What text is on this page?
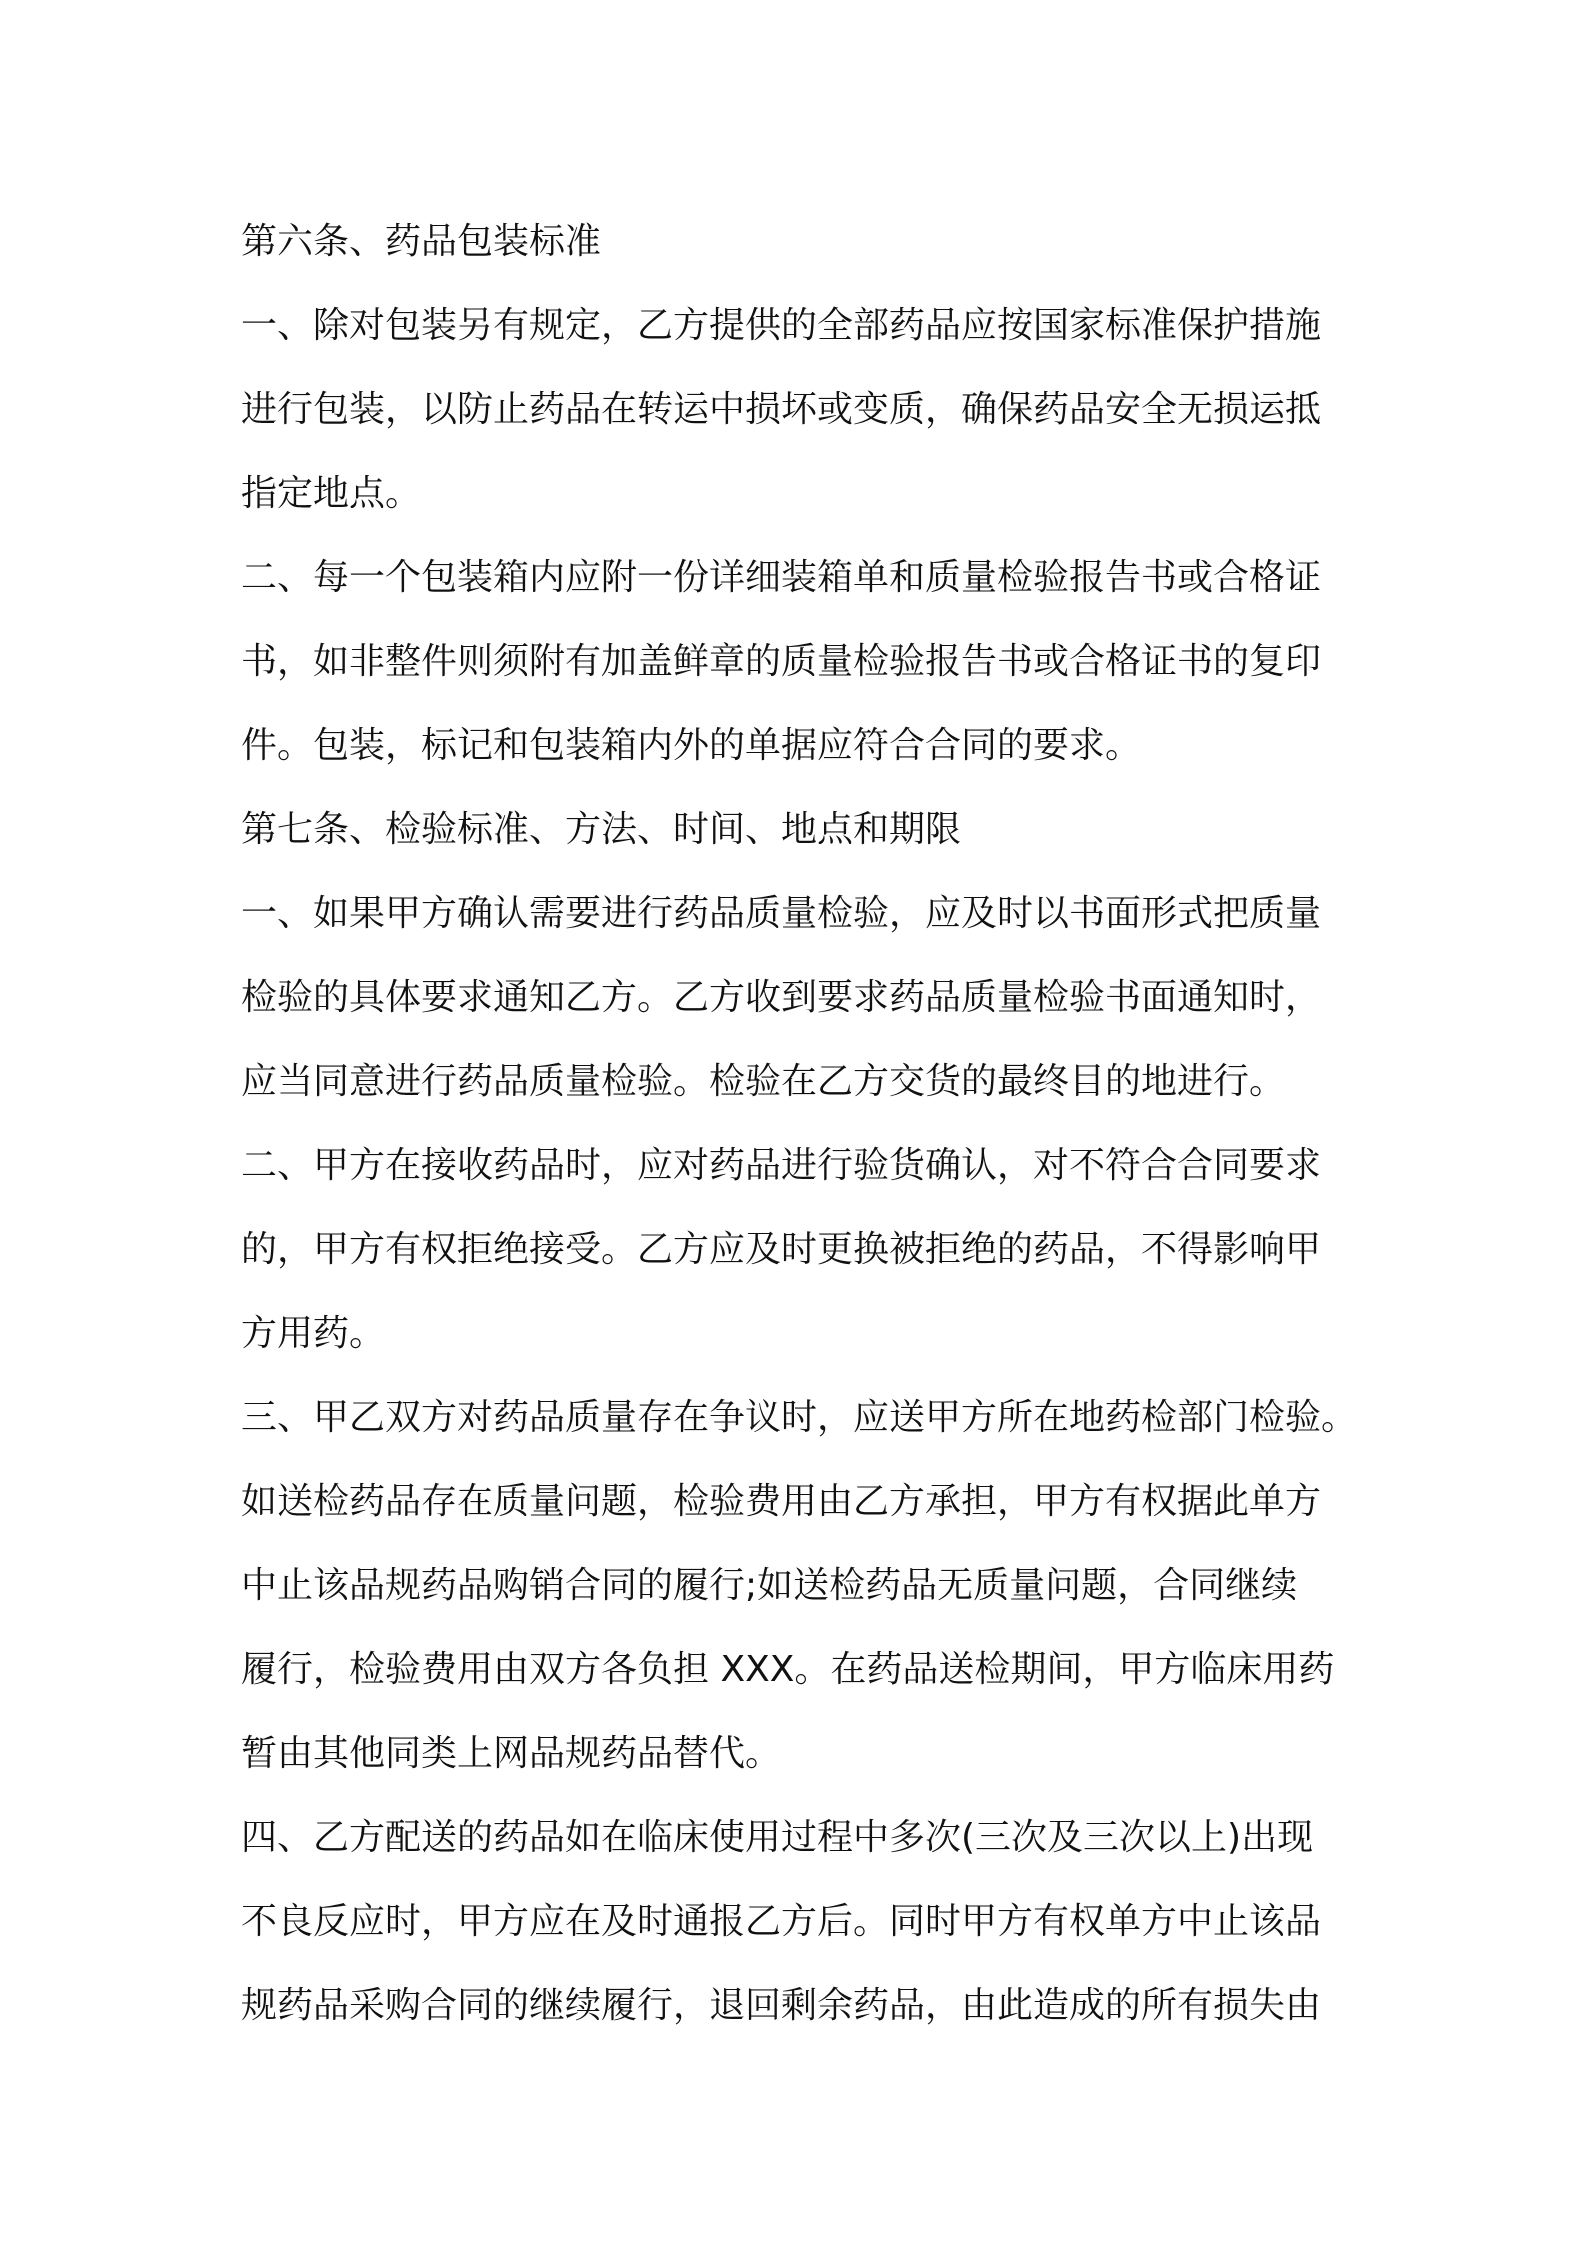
第六条、药品包装标准
一、除对包装另有规定，乙方提供的全部药品应按国家标准保护措施
进行包装，以防止药品在转运中损坏或变质，确保药品安全无损运抵
指定地点。
二、每一个包装箱内应附一份详细装箱单和质量检验报告书或合格证
书，如非整件则须附有加盖鲜章的质量检验报告书或合格证书的复印
件。包装，标记和包装箱内外的单据应符合合同的要求。
第七条、检验标准、方法、时间、地点和期限
一、如果甲方确认需要进行药品质量检验，应及时以书面形式把质量
检验的具体要求通知乙方。乙方收到要求药品质量检验书面通知时，
应当同意进行药品质量检验。检验在乙方交货的最终目的地进行。
二、甲方在接收药品时，应对药品进行验货确认，对不符合合同要求
的，甲方有权拒绝接受。乙方应及时更换被拒绝的药品，不得影响甲
方用药。
三、甲乙双方对药品质量存在争议时，应送甲方所在地药检部门检验。
如送检药品存在质量问题，检验费用由乙方承担，甲方有权据此单方
中止该品规药品购销合同的履行;如送检药品无质量问题，合同继续
履行，检验费用由双方各负担 XXX。在药品送检期间，甲方临床用药
暂由其他同类上网品规药品替代。
四、乙方配送的药品如在临床使用过程中多次(三次及三次以上)出现
不良反应时，甲方应在及时通报乙方后。同时甲方有权单方中止该品
规药品采购合同的继续履行，退回剩余药品，由此造成的所有损失由
